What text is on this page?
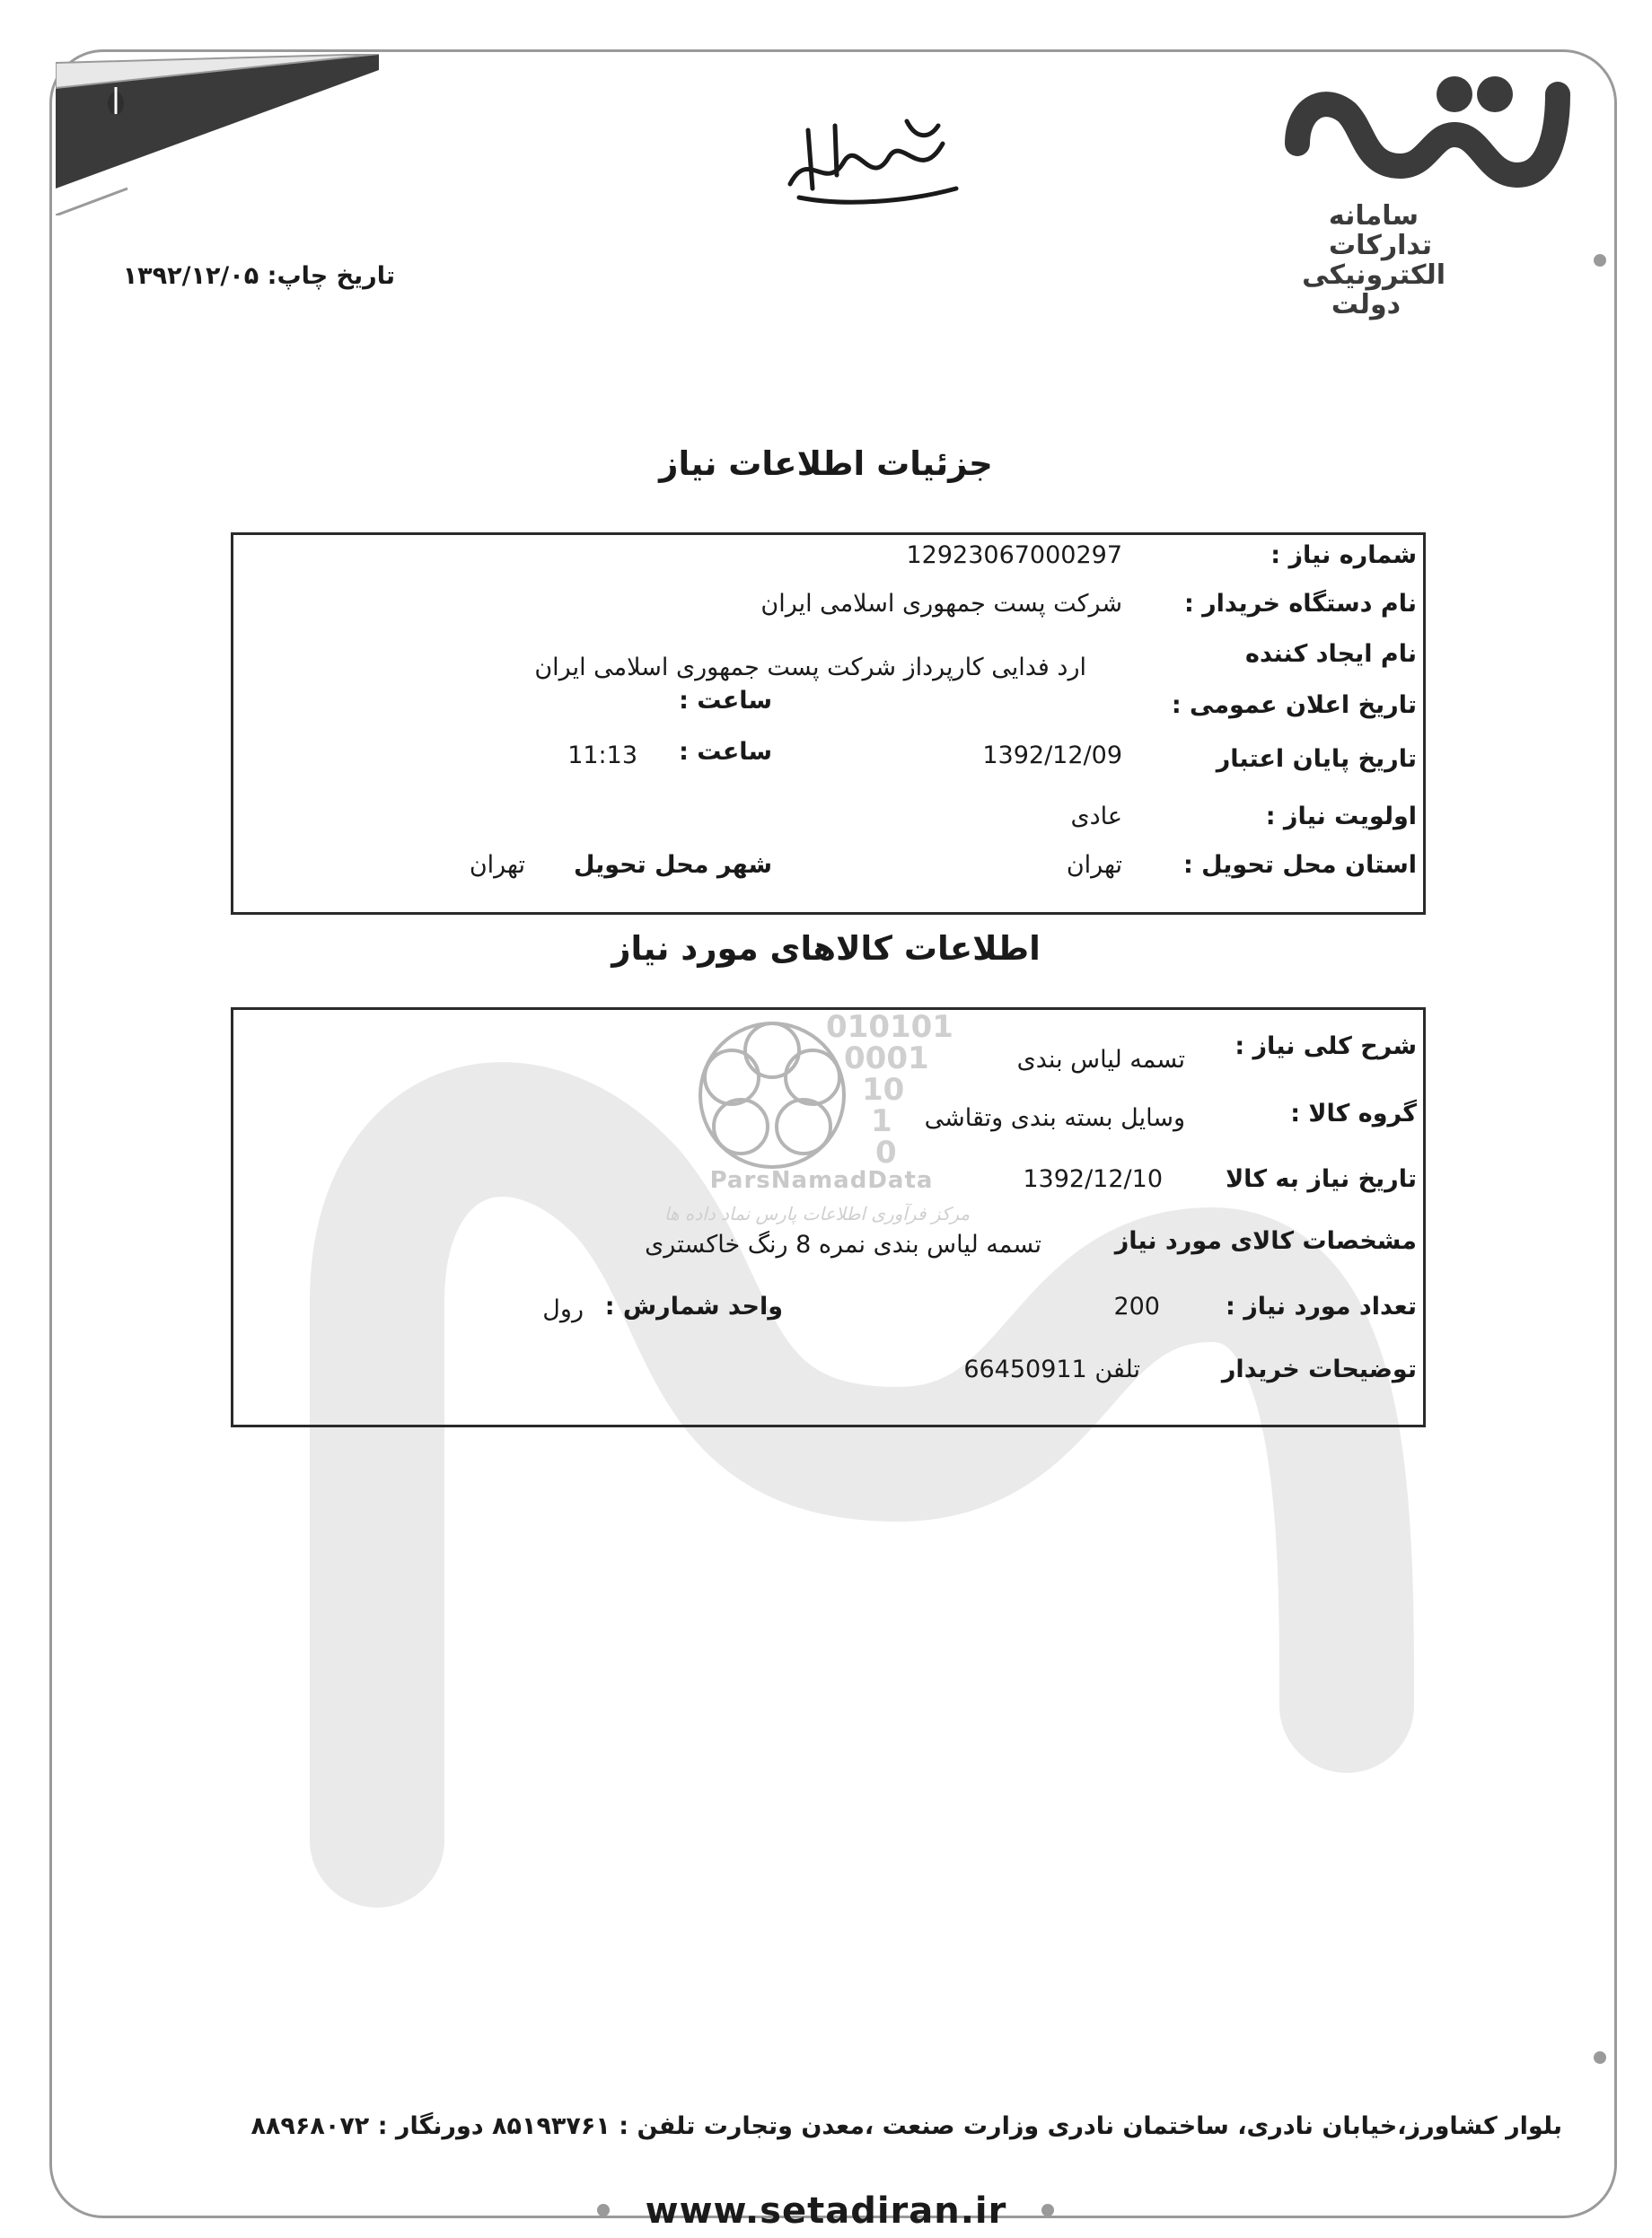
سامانه
تدارکات
الکترونیکی
دولت
تاریخ چاپ: ۱۳۹۲/۱۲/۰۵
010101
0001
10
1
0
ParsNamadData
مرکز فرآوری اطلاعات پارس نماد داده ها
جزئیات اطلاعات نیاز
شماره نیاز :
12923067000297
نام دستگاه خریدار :
شرکت پست جمهوری اسلامی ایران
نام ایجاد کننده
ارد فدایی کارپرداز شرکت پست جمهوری اسلامی ایران
تاریخ اعلان عمومی :
ساعت :
تاریخ پایان اعتبار
1392/12/09
ساعت :
11:13
اولویت نیاز :
عادی
استان محل تحویل :
تهران
شهر محل تحویل
تهران
اطلاعات کالاهای مورد نیاز
شرح کلی نیاز :
تسمه لیاس بندی
گروه کالا :
وسایل بسته بندی وتقاشی
تاریخ نیاز به کالا
1392/12/10
مشخصات کالای مورد نیاز
تسمه لیاس بندی نمره 8 رنگ خاکستری
تعداد مورد نیاز :
200
واحد شمارش :
رول
توضیحات خریدار
تلفن 66450911
بلوار کشاورز،خیابان نادری، ساختمان نادری وزارت صنعت ،معدن وتجارت تلفن : ۸۵۱۹۳۷۶۱ دورنگار : ۸۸۹۶۸۰۷۲
www.setadiran.ir
